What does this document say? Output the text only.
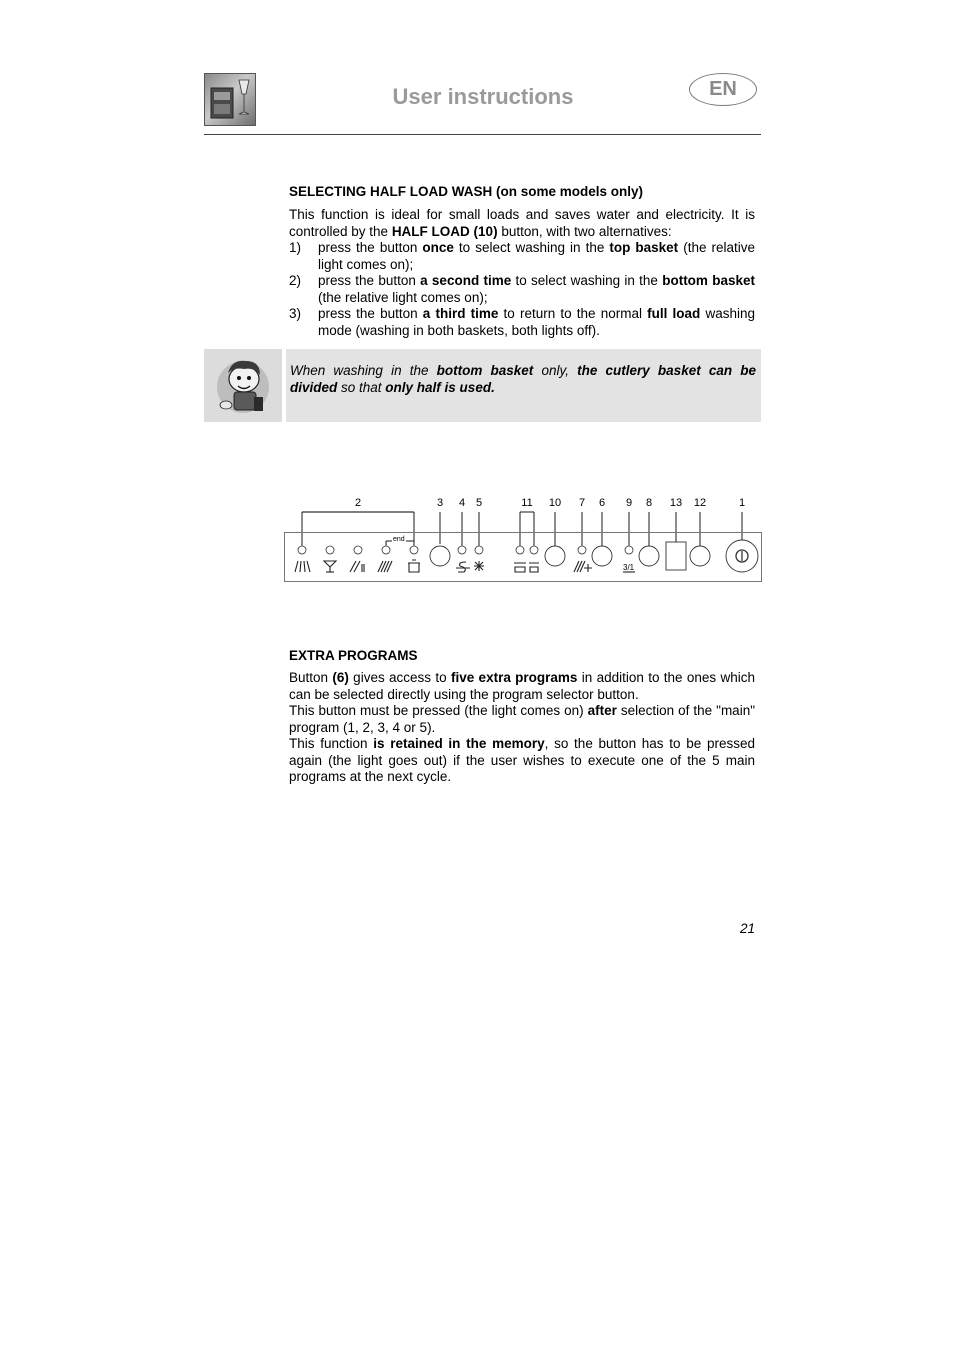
User instructions	EN
SELECTING HALF LOAD WASH (on some models only)
This function is ideal for small loads and saves water and electricity. It is controlled by the HALF LOAD (10) button, with two alternatives:
1) press the button once to select washing in the top basket (the relative light comes on);
2) press the button a second time to select washing in the bottom basket (the relative light comes on);
3) press the button a third time to return to the normal full load washing mode (washing in both baskets, both lights off).
When washing in the bottom basket only, the cutlery basket can be divided so that only half is used.
2	3 4 5	11 10 7 6 9 8 13 12	1
end
3/1
EXTRA PROGRAMS
Button (6) gives access to five extra programs in addition to the ones which can be selected directly using the program selector button.
This button must be pressed (the light comes on) after selection of the "main" program (1, 2, 3, 4 or 5).
This function is retained in the memory, so the button has to be pressed again (the light goes out) if the user wishes to execute one of the 5 main programs at the next cycle.
21
